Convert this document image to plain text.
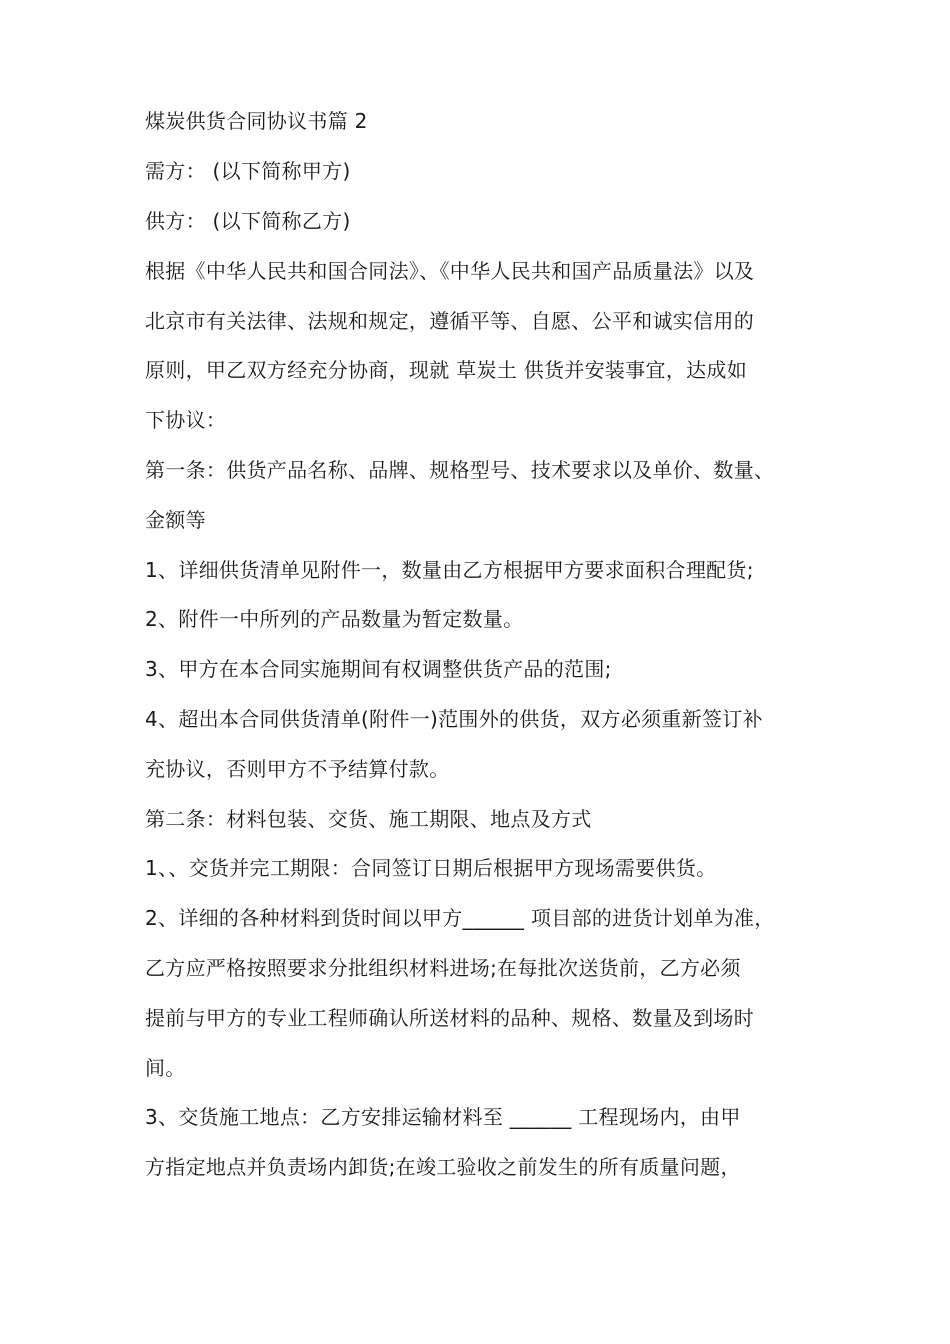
煤炭供货合同协议书篇 2
需方： (以下简称甲方)
供方： (以下简称乙方)
根据《中华人民共和国合同法》、《中华人民共和国产品质量法》以及
北京市有关法律、法规和规定，遵循平等、自愿、公平和诚实信用的
原则，甲乙双方经充分协商，现就 草炭土 供货并安装事宜，达成如
下协议：
第一条：供货产品名称、品牌、规格型号、技术要求以及单价、数量、
金额等
1、详细供货清单见附件一，数量由乙方根据甲方要求面积合理配货;
2、附件一中所列的产品数量为暂定数量。
3、甲方在本合同实施期间有权调整供货产品的范围;
4、超出本合同供货清单(附件一)范围外的供货，双方必须重新签订补
充协议，否则甲方不予结算付款。
第二条：材料包装、交货、施工期限、地点及方式
1、、交货并完工期限：合同签订日期后根据甲方现场需要供货。
2、详细的各种材料到货时间以甲方______ 项目部的进货计划单为准，
乙方应严格按照要求分批组织材料进场;在每批次送货前，乙方必须
提前与甲方的专业工程师确认所送材料的品种、规格、数量及到场时
间。
3、交货施工地点：乙方安排运输材料至 ______ 工程现场内，由甲
方指定地点并负责场内卸货;在竣工验收之前发生的所有质量问题，
